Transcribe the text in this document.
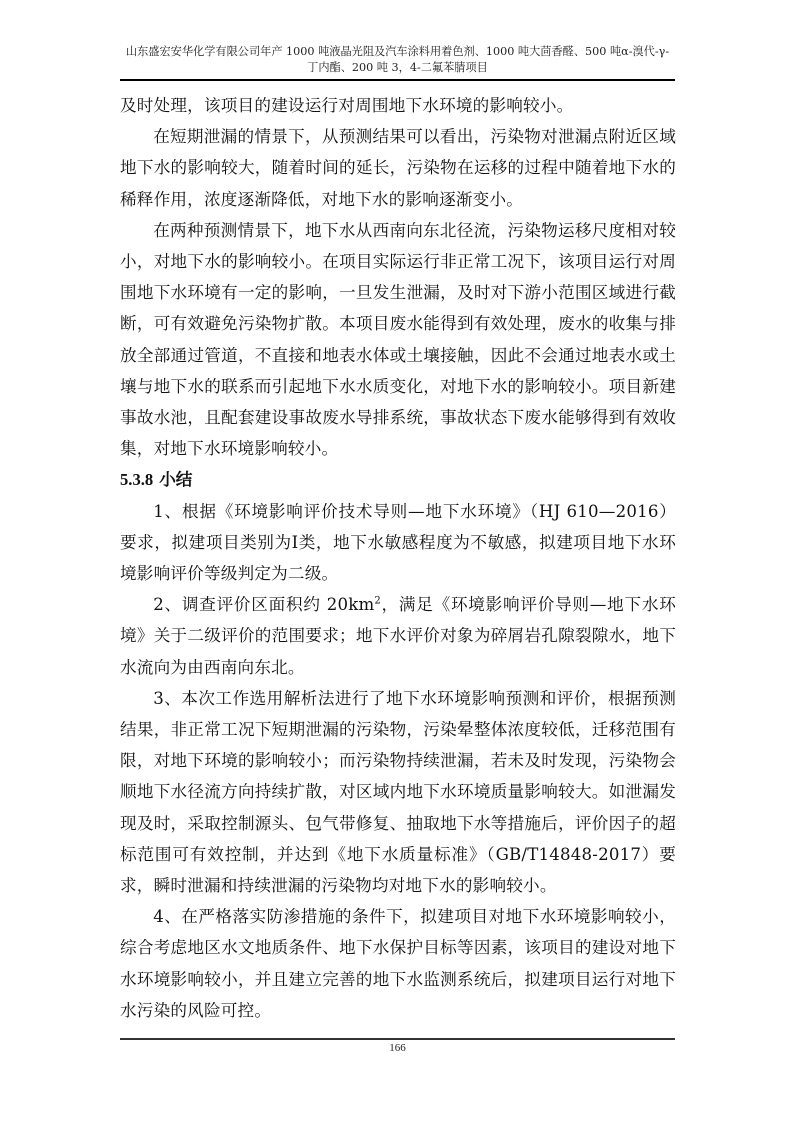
山东盛宏安华化学有限公司年产 1000 吨液晶光阻及汽车涂料用着色剂、1000 吨大茴香醛、500 吨α-溴代-γ-
丁内酯、200 吨 3，4-二氟苯腈项目

及时处理，该项目的建设运行对周围地下水环境的影响较小。

在短期泄漏的情景下，从预测结果可以看出，污染物对泄漏点附近区域地下水的影响较大，随着时间的延长，污染物在运移的过程中随着地下水的稀释作用，浓度逐渐降低，对地下水的影响逐渐变小。

在两种预测情景下，地下水从西南向东北径流，污染物运移尺度相对较小，对地下水的影响较小。在项目实际运行非正常工况下，该项目运行对周围地下水环境有一定的影响，一旦发生泄漏，及时对下游小范围区域进行截断，可有效避免污染物扩散。本项目废水能得到有效处理，废水的收集与排放全部通过管道，不直接和地表水体或土壤接触，因此不会通过地表水或土壤与地下水的联系而引起地下水水质变化，对地下水的影响较小。项目新建事故水池，且配套建设事故废水导排系统，事故状态下废水能够得到有效收集，对地下水环境影响较小。

5.3.8 小结

1、根据《环境影响评价技术导则—地下水环境》（HJ 610—2016）要求，拟建项目类别为Ⅰ类，地下水敏感程度为不敏感，拟建项目地下水环境影响评价等级判定为二级。

2、调查评价区面积约 $20km^2$，满足《环境影响评价导则—地下水环境》关于二级评价的范围要求；地下水评价对象为碎屑岩孔隙裂隙水，地下水流向为由西南向东北。

3、本次工作选用解析法进行了地下水环境影响预测和评价，根据预测结果，非正常工况下短期泄漏的污染物，污染晕整体浓度较低，迁移范围有限，对地下环境的影响较小；而污染物持续泄漏，若未及时发现，污染物会顺地下水径流方向持续扩散，对区域内地下水环境质量影响较大。如泄漏发现及时，采取控制源头、包气带修复、抽取地下水等措施后，评价因子的超标范围可有效控制，并达到《地下水质量标准》（GB/T14848-2017）要求，瞬时泄漏和持续泄漏的污染物均对地下水的影响较小。

4、在严格落实防渗措施的条件下，拟建项目对地下水环境影响较小，综合考虑地区水文地质条件、地下水保护目标等因素，该项目的建设对地下水环境影响较小，并且建立完善的地下水监测系统后，拟建项目运行对地下水污染的风险可控。

166
